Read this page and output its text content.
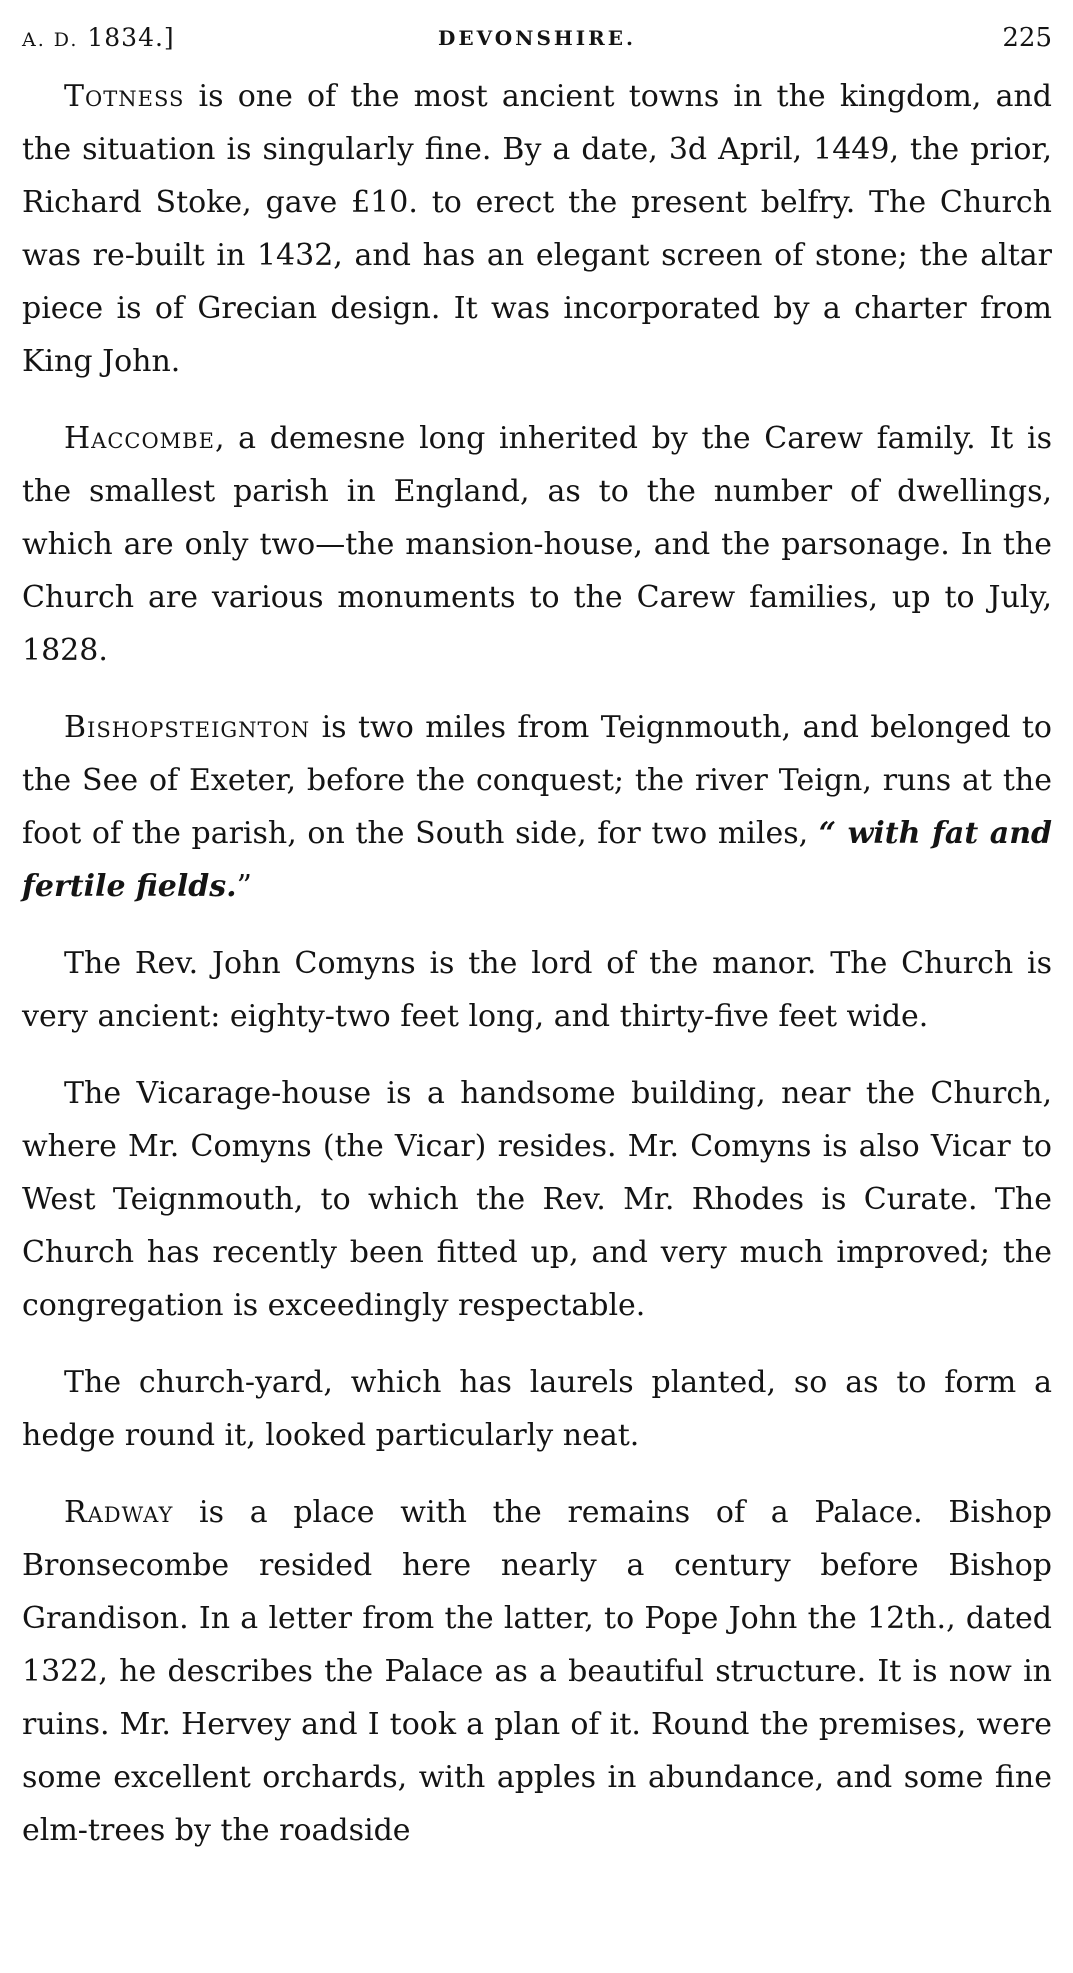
A. D. 1834.]	DEVONSHIRE.	225

Totness is one of the most ancient towns in the kingdom, and the situation is singularly fine. By a date, 3d April, 1449, the prior, Richard Stoke, gave £10. to erect the present belfry. The Church was re-built in 1432, and has an elegant screen of stone; the altar piece is of Grecian design. It was incorporated by a charter from King John.

Haccombe, a demesne long inherited by the Carew family. It is the smallest parish in England, as to the number of dwellings, which are only two—the mansion-house, and the parsonage. In the Church are various monuments to the Carew families, up to July, 1828.

Bishopsteignton is two miles from Teignmouth, and belonged to the See of Exeter, before the conquest; the river Teign, runs at the foot of the parish, on the South side, for two miles, “ with fat and fertile fields.”

The Rev. John Comyns is the lord of the manor. The Church is very ancient: eighty-two feet long, and thirty-five feet wide.

The Vicarage-house is a handsome building, near the Church, where Mr. Comyns (the Vicar) resides. Mr. Comyns is also Vicar to West Teignmouth, to which the Rev. Mr. Rhodes is Curate. The Church has recently been fitted up, and very much improved; the congregation is exceedingly respectable.

The church-yard, which has laurels planted, so as to form a hedge round it, looked particularly neat.

Radway is a place with the remains of a Palace. Bishop Bronsecombe resided here nearly a century before Bishop Grandison. In a letter from the latter, to Pope John the 12th., dated 1322, he describes the Palace as a beautiful structure. It is now in ruins. Mr. Hervey and I took a plan of it. Round the premises, were some excellent orchards, with apples in abundance, and some fine elm-trees by the roadside
